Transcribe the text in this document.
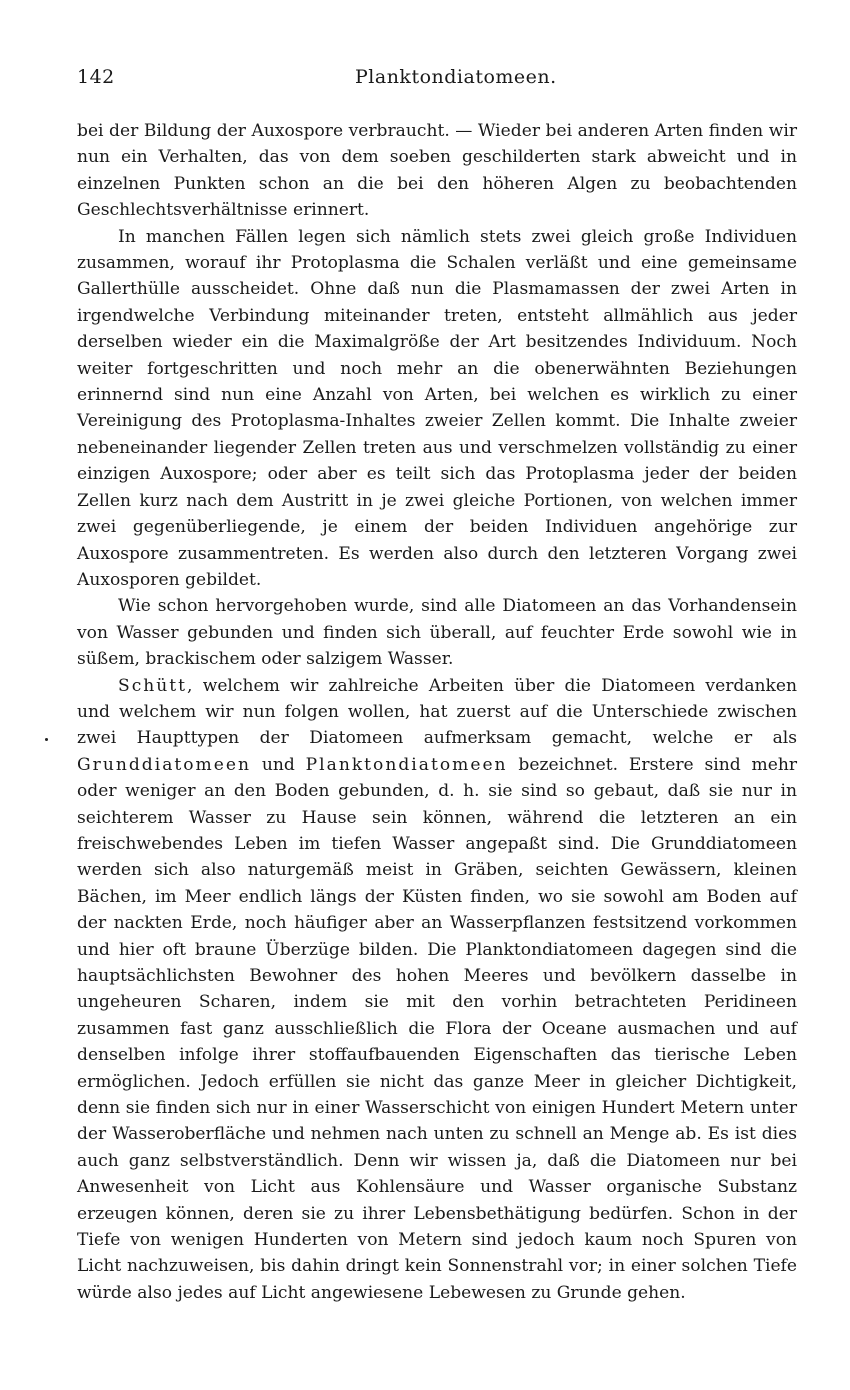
142	Planktondiatomeen.

bei der Bildung der Auxospore verbraucht. — Wieder bei anderen Arten finden wir nun ein Verhalten, das von dem soeben geschilderten stark abweicht und in einzelnen Punkten schon an die bei den höheren Algen zu beobachtenden Geschlechtsverhältnisse erinnert.

In manchen Fällen legen sich nämlich stets zwei gleich große Individuen zusammen, worauf ihr Protoplasma die Schalen verläßt und eine gemeinsame Gallerthülle ausscheidet. Ohne daß nun die Plasmamassen der zwei Arten in irgendwelche Verbindung miteinander treten, entsteht allmählich aus jeder derselben wieder ein die Maximalgröße der Art besitzendes Individuum. Noch weiter fortgeschritten und noch mehr an die obenerwähnten Beziehungen erinnernd sind nun eine Anzahl von Arten, bei welchen es wirklich zu einer Vereinigung des Protoplasma-Inhaltes zweier Zellen kommt. Die Inhalte zweier nebeneinander liegender Zellen treten aus und verschmelzen vollständig zu einer einzigen Auxospore; oder aber es teilt sich das Protoplasma jeder der beiden Zellen kurz nach dem Austritt in je zwei gleiche Portionen, von welchen immer zwei gegenüberliegende, je einem der beiden Individuen angehörige zur Auxospore zusammentreten. Es werden also durch den letzteren Vorgang zwei Auxosporen gebildet.

Wie schon hervorgehoben wurde, sind alle Diatomeen an das Vorhandensein von Wasser gebunden und finden sich überall, auf feuchter Erde sowohl wie in süßem, brackischem oder salzigem Wasser.

Schütt, welchem wir zahlreiche Arbeiten über die Diatomeen verdanken und welchem wir nun folgen wollen, hat zuerst auf die Unterschiede zwischen zwei Haupttypen der Diatomeen aufmerksam gemacht, welche er als Grunddiatomeen und Planktondiatomeen bezeichnet. Erstere sind mehr oder weniger an den Boden gebunden, d. h. sie sind so gebaut, daß sie nur in seichterem Wasser zu Hause sein können, während die letzteren an ein freischwebendes Leben im tiefen Wasser angepaßt sind. Die Grunddiatomeen werden sich also naturgemäß meist in Gräben, seichten Gewässern, kleinen Bächen, im Meer endlich längs der Küsten finden, wo sie sowohl am Boden auf der nackten Erde, noch häufiger aber an Wasserpflanzen festsitzend vorkommen und hier oft braune Überzüge bilden. Die Planktondiatomeen dagegen sind die hauptsächlichsten Bewohner des hohen Meeres und bevölkern dasselbe in ungeheuren Scharen, indem sie mit den vorhin betrachteten Peridineen zusammen fast ganz ausschließlich die Flora der Oceane ausmachen und auf denselben infolge ihrer stoffaufbauenden Eigenschaften das tierische Leben ermöglichen. Jedoch erfüllen sie nicht das ganze Meer in gleicher Dichtigkeit, denn sie finden sich nur in einer Wasserschicht von einigen Hundert Metern unter der Wasseroberfläche und nehmen nach unten zu schnell an Menge ab. Es ist dies auch ganz selbstverständlich. Denn wir wissen ja, daß die Diatomeen nur bei Anwesenheit von Licht aus Kohlensäure und Wasser organische Substanz erzeugen können, deren sie zu ihrer Lebensbethätigung bedürfen. Schon in der Tiefe von wenigen Hunderten von Metern sind jedoch kaum noch Spuren von Licht nachzuweisen, bis dahin dringt kein Sonnenstrahl vor; in einer solchen Tiefe würde also jedes auf Licht angewiesene Lebewesen zu Grunde gehen.
